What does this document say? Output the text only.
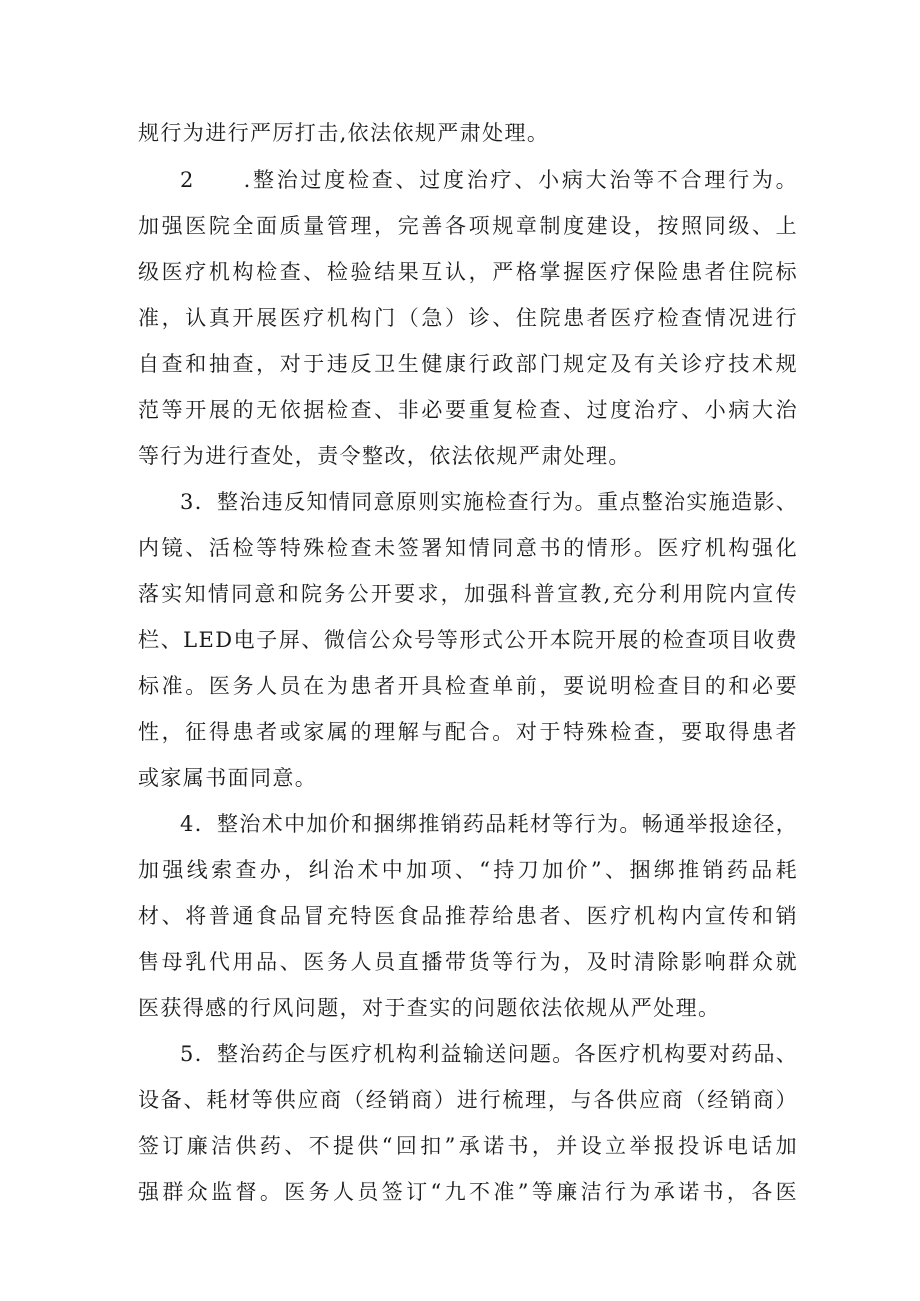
规行为进行严厉打击,依法依规严肃处理。
2　　.整治过度检查、过度治疗、小病大治等不合理行为。
加强医院全面质量管理，完善各项规章制度建设，按照同级、上
级医疗机构检查、检验结果互认，严格掌握医疗保险患者住院标
准，认真开展医疗机构门（急）诊、住院患者医疗检查情况进行
自查和抽查，对于违反卫生健康行政部门规定及有关诊疗技术规
范等开展的无依据检查、非必要重复检查、过度治疗、小病大治
等行为进行查处，责令整改，依法依规严肃处理。
3．整治违反知情同意原则实施检查行为。重点整治实施造影、
内镜、活检等特殊检查未签署知情同意书的情形。医疗机构强化
落实知情同意和院务公开要求，加强科普宣教,充分利用院内宣传
栏、LED电子屏、微信公众号等形式公开本院开展的检查项目收费
标准。医务人员在为患者开具检查单前，要说明检查目的和必要
性，征得患者或家属的理解与配合。对于特殊检查，要取得患者
或家属书面同意。
4．整治术中加价和捆绑推销药品耗材等行为。畅通举报途径，
加强线索查办，纠治术中加项、“持刀加价”、捆绑推销药品耗
材、将普通食品冒充特医食品推荐给患者、医疗机构内宣传和销
售母乳代用品、医务人员直播带货等行为，及时清除影响群众就
医获得感的行风问题，对于查实的问题依法依规从严处理。
5．整治药企与医疗机构利益输送问题。各医疗机构要对药品、
设备、耗材等供应商（经销商）进行梳理，与各供应商（经销商）
签订廉洁供药、不提供“回扣”承诺书，并设立举报投诉电话加
强群众监督。医务人员签订“九不准”等廉洁行为承诺书，各医
